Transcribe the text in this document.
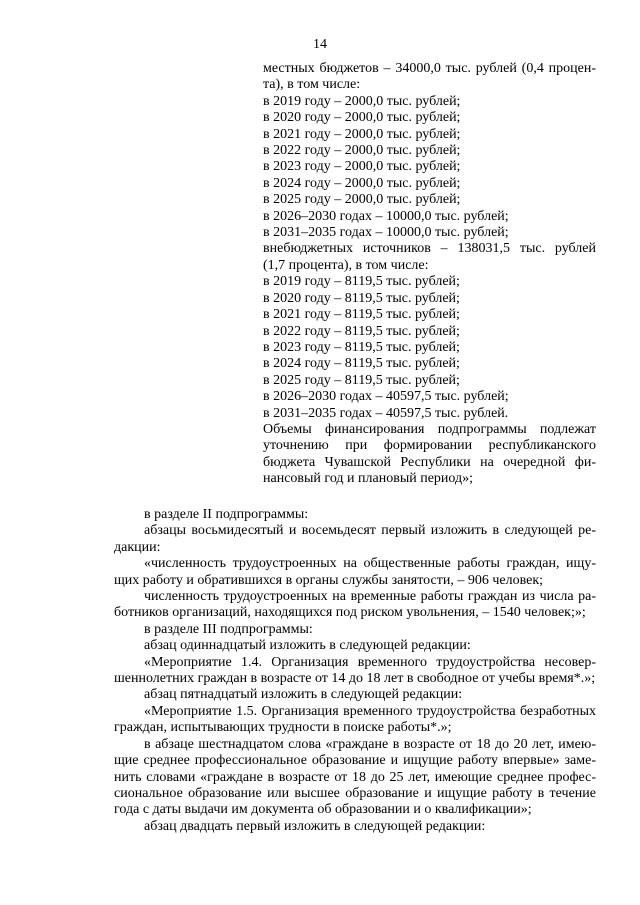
14
местных бюджетов – 34000,0 тыс. рублей (0,4 процен-
та), в том числе:
в 2019 году – 2000,0 тыс. рублей;
в 2020 году – 2000,0 тыс. рублей;
в 2021 году – 2000,0 тыс. рублей;
в 2022 году – 2000,0 тыс. рублей;
в 2023 году – 2000,0 тыс. рублей;
в 2024 году – 2000,0 тыс. рублей;
в 2025 году – 2000,0 тыс. рублей;
в 2026–2030 годах – 10000,0 тыс. рублей;
в 2031–2035 годах – 10000,0 тыс. рублей;
внебюджетных источников – 138031,5 тыс. рублей
(1,7 процента), в том числе:
в 2019 году – 8119,5 тыс. рублей;
в 2020 году – 8119,5 тыс. рублей;
в 2021 году – 8119,5 тыс. рублей;
в 2022 году – 8119,5 тыс. рублей;
в 2023 году – 8119,5 тыс. рублей;
в 2024 году – 8119,5 тыс. рублей;
в 2025 году – 8119,5 тыс. рублей;
в 2026–2030 годах – 40597,5 тыс. рублей;
в 2031–2035 годах – 40597,5 тыс. рублей.
Объемы финансирования подпрограммы подлежат
уточнению при формировании республиканского
бюджета Чувашской Республики на очередной фи-
нансовый год и плановый период»;
в разделе II подпрограммы:
абзацы восьмидесятый и восемьдесят первый изложить в следующей ре-
дакции:
«численность трудоустроенных на общественные работы граждан, ищу-
щих работу и обратившихся в органы службы занятости, – 906 человек;
численность трудоустроенных на временные работы граждан из числа ра-
ботников организаций, находящихся под риском увольнения, – 1540 человек;»;
в разделе III подпрограммы:
абзац одиннадцатый изложить в следующей редакции:
«Мероприятие 1.4. Организация временного трудоустройства несовер-
шеннолетних граждан в возрасте от 14 до 18 лет в свободное от учебы время*.»;
абзац пятнадцатый изложить в следующей редакции:
«Мероприятие 1.5. Организация временного трудоустройства безработных
граждан, испытывающих трудности в поиске работы*.»;
в абзаце шестнадцатом слова «граждане в возрасте от 18 до 20 лет, имею-
щие среднее профессиональное образование и ищущие работу впервые» заме-
нить словами «граждане в возрасте от 18 до 25 лет, имеющие среднее профес-
сиональное образование или высшее образование и ищущие работу в течение
года с даты выдачи им документа об образовании и о квалификации»;
абзац двадцать первый изложить в следующей редакции:
